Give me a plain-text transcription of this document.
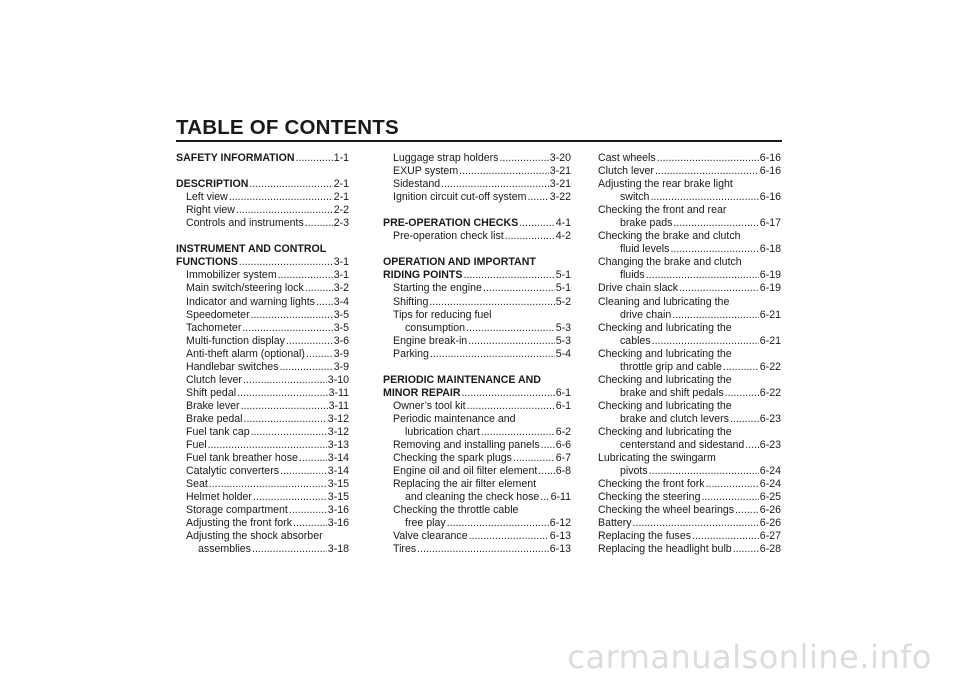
TABLE OF CONTENTS
SAFETY INFORMATION .....	1-1
DESCRIPTION .....	2-1
Left view .....	2-1
Right view .....	2-2
Controls and instruments .....	2-3
INSTRUMENT AND CONTROL
FUNCTIONS .....	3-1
Immobilizer system .....	3-1
Main switch/steering lock .....	3-2
Indicator and warning lights ..... 3-4
Speedometer .....	3-5
Tachometer .....	3-5
Multi-function display .....	3-6
Anti-theft alarm (optional) .....	3-9
Handlebar switches .....	3-9
Clutch lever .....	3-10
Shift pedal .....	3-11
Brake lever .....	3-11
Brake pedal .....	3-12
Fuel tank cap .....	3-12
Fuel .....	3-13
Fuel tank breather hose .....	3-14
Catalytic converters .....	3-14
Seat .....	3-15
Helmet holder .....	3-15
Storage compartment .....	3-16
Adjusting the front fork .....	3-16
Adjusting the shock absorber
assemblies .....	3-18
Luggage strap holders .....	3-20
EXUP system .....	3-21
Sidestand .....	3-21
Ignition circuit cut-off system ..... 3-22
PRE-OPERATION CHECKS .....	4-1
Pre-operation check list .....	4-2
OPERATION AND IMPORTANT
RIDING POINTS .....	5-1
Starting the engine .....	5-1
Shifting .....	5-2
Tips for reducing fuel
consumption .....	5-3
Engine break-in .....	5-3
Parking .....	5-4
PERIODIC MAINTENANCE AND
MINOR REPAIR .....	6-1
Owner’s tool kit .....	6-1
Periodic maintenance and
lubrication chart .....	6-2
Removing and installing panels ..... 6-6
Checking the spark plugs .....	6-7
Engine oil and oil filter element ..... 6-8
Replacing the air filter element
and cleaning the check hose ..... 6-11
Checking the throttle cable
free play .....	6-12
Valve clearance .....	6-13
Tires .....	6-13
Cast wheels .....	6-16
Clutch lever .....	6-16
Adjusting the rear brake light
switch .....	6-16
Checking the front and rear
brake pads .....	6-17
Checking the brake and clutch
fluid levels .....	6-18
Changing the brake and clutch
fluids .....	6-19
Drive chain slack .....	6-19
Cleaning and lubricating the
drive chain .....	6-21
Checking and lubricating the
cables .....	6-21
Checking and lubricating the
throttle grip and cable .....	6-22
Checking and lubricating the
brake and shift pedals .....	6-22
Checking and lubricating the
brake and clutch levers .....	6-23
Checking and lubricating the
centerstand and sidestand ..... 6-23
Lubricating the swingarm
pivots .....	6-24
Checking the front fork .....	6-24
Checking the steering .....	6-25
Checking the wheel bearings ..... 6-26
Battery .....	6-26
Replacing the fuses .....	6-27
Replacing the headlight bulb .....	6-28
carmanualsonline.info
